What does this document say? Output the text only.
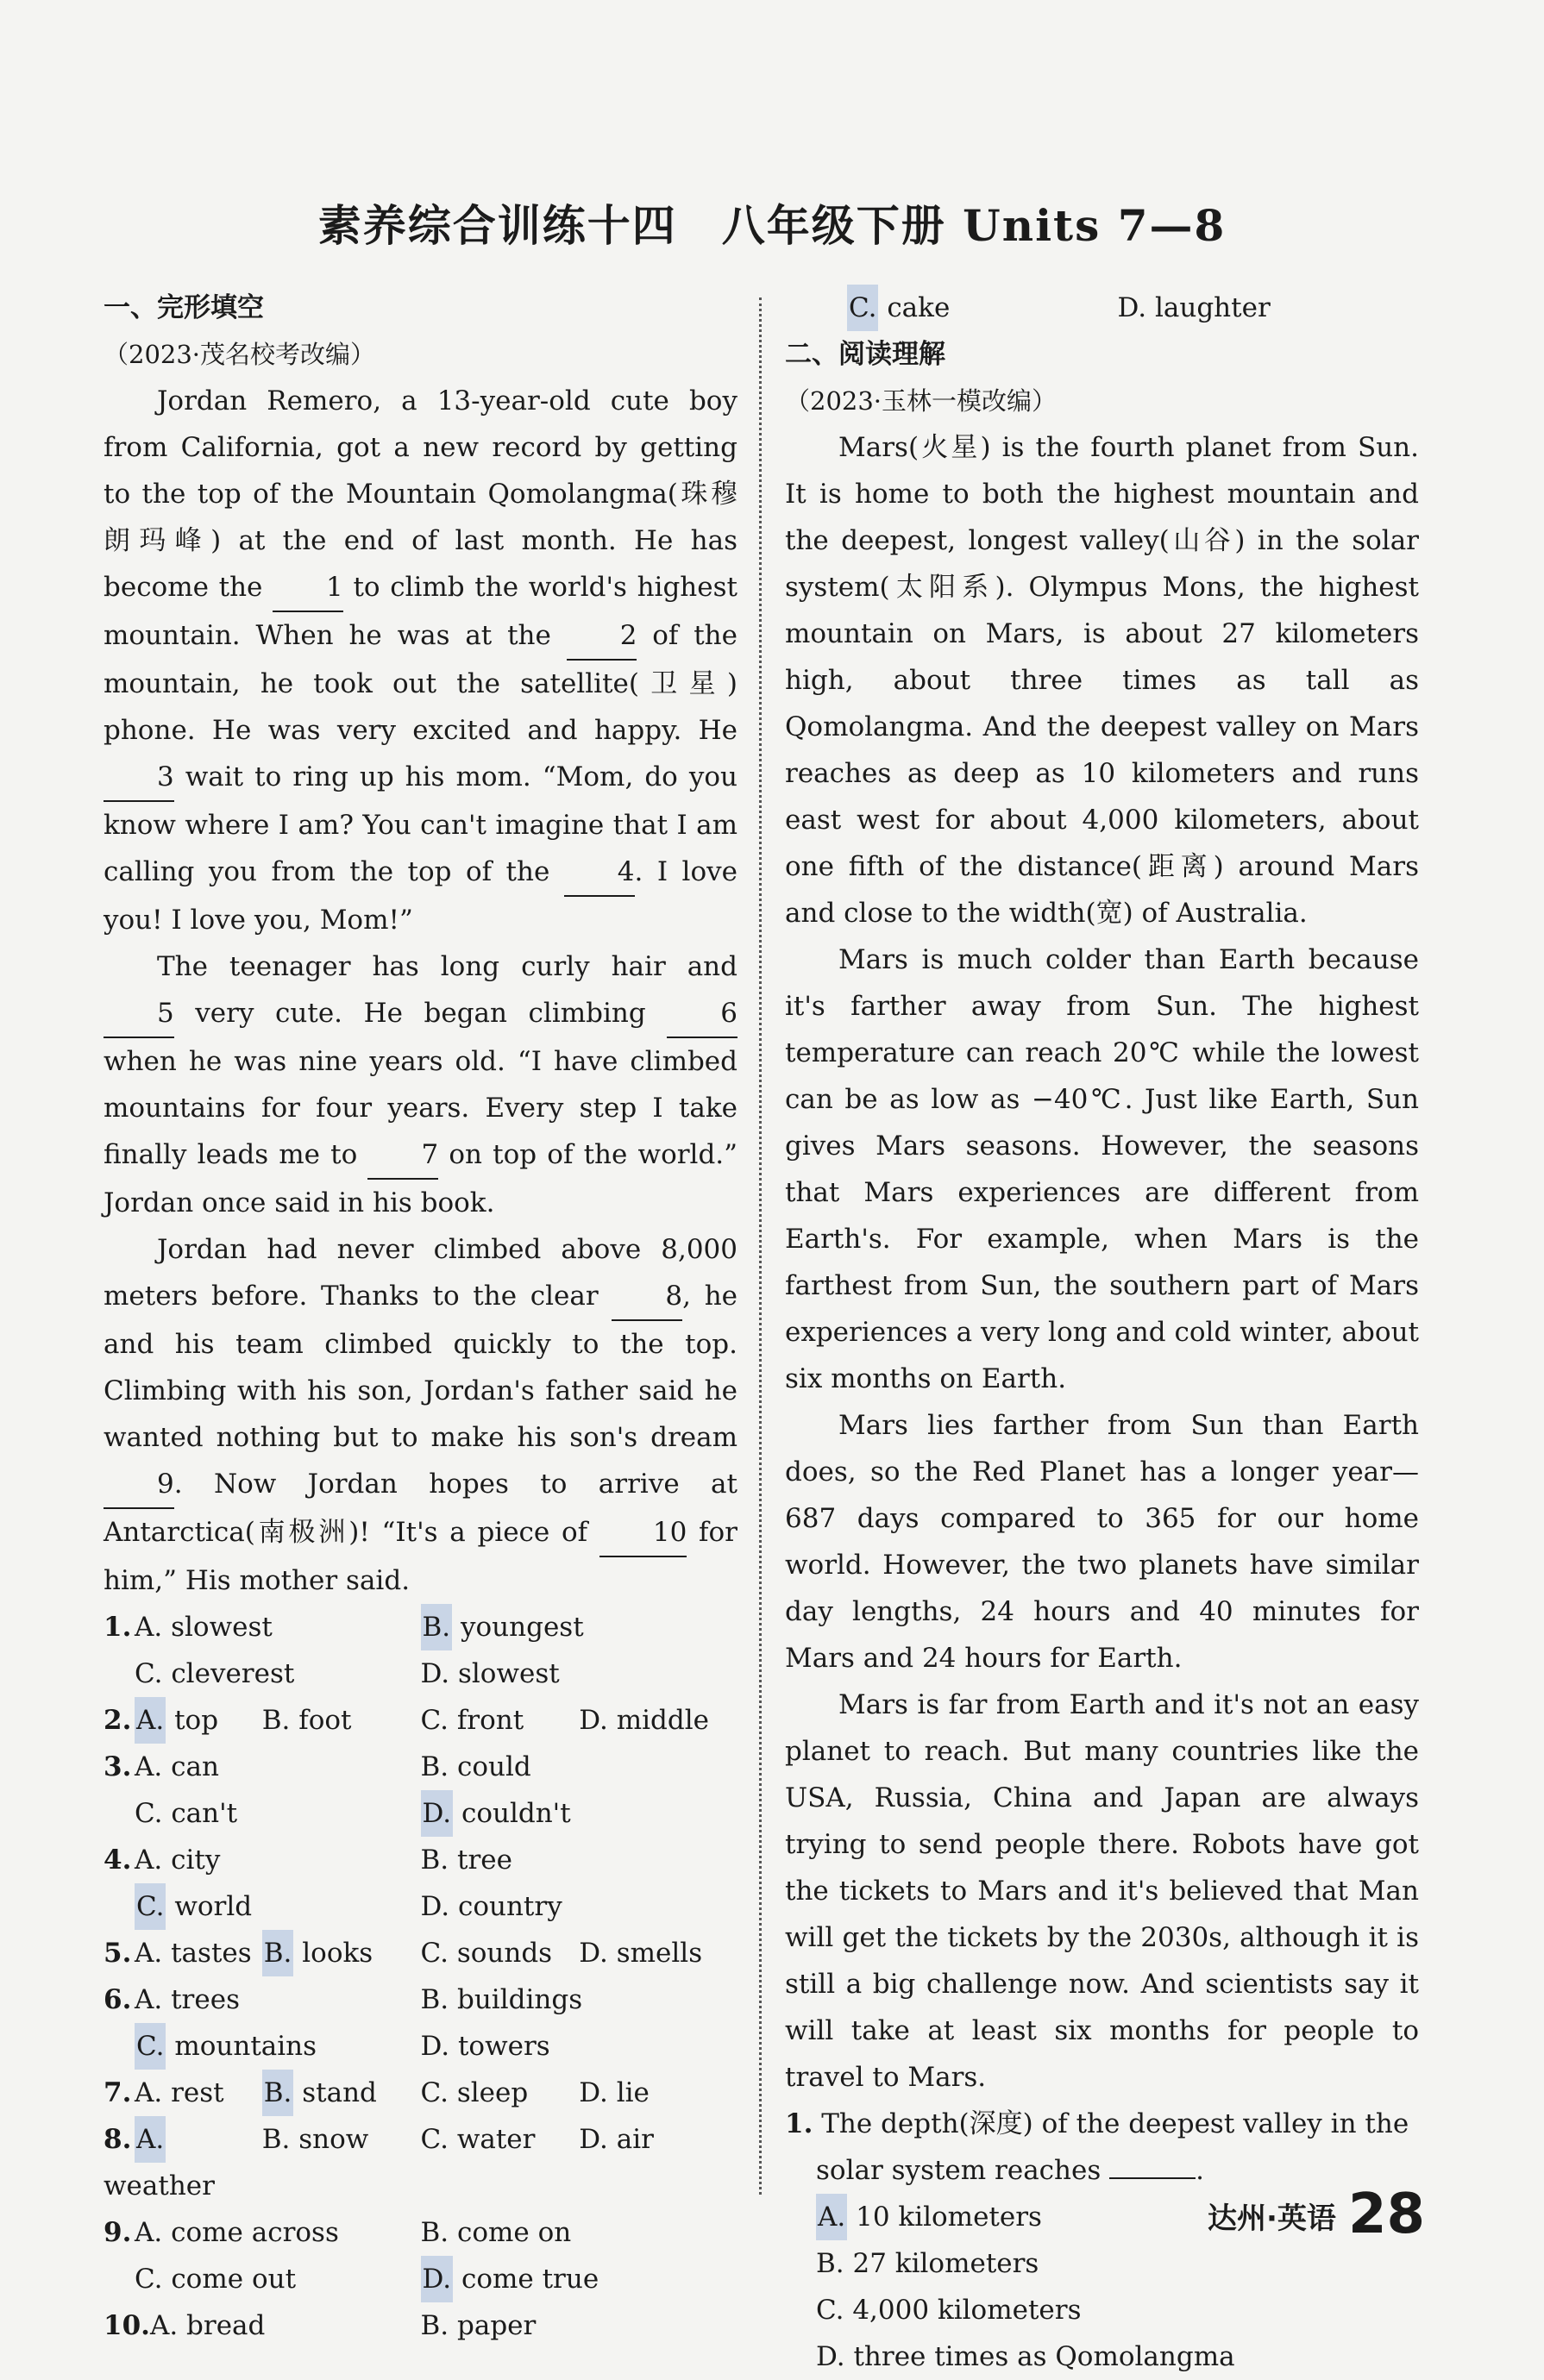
素养综合训练十四　八年级下册 Units 7—8
一、完形填空
（2023·茂名校考改编）

Jordan Remero, a 13-year-old cute boy from California, got a new record by getting to the top of the Mountain Qomolangma(珠穆朗玛峰) at the end of last month. He has become the 1 to climb the world's highest mountain. When he was at the	2 of the mountain, he took out the satellite(卫星) phone. He was very excited and happy. He 3 wait to ring up his mom. “Mom, do you know where I am? You can't imagine that I am calling you from the top of the	4. I love you! I love you, Mom!”

The teenager has long curly hair and 5 very cute. He began climbing	6 when he was nine years old. “I have climbed mountains for four years. Every step I take finally leads me to 7 on top of the world.” Jordan once said in his book.

Jordan had never climbed above 8,000 meters before. Thanks to the clear	8, he and his team climbed quickly to the top. Climbing with his son, Jordan's father said he wanted nothing but to make his son's dream 9. Now Jordan hopes to arrive at Antarctica(南极洲)! “It's a piece of 10 for him,” His mother said.

1. A. slowest	B. youngest
C. cleverest	D. slowest
2. A. top	B. foot	C. front	D. middle
3. A. can	B. could
C. can't	D. couldn't
4. A. city	B. tree
C. world	D. country
5. A. tastes B. looks	C. sounds	D. smells
6. A. trees	B. buildings
C. mountains	D. towers
7. A. rest	B. stand	C. sleep	D. lie
8. A. weather
B. snow	C. water	D. air
9. A. come across	B. come on
C. come out	D. come true
10.A. bread	B. paper
C. cake	D. laughter
二、阅读理解
（2023·玉林一模改编）

Mars(火星) is the fourth planet from Sun. It is home to both the highest mountain and the deepest, longest valley(山谷) in the solar system(太阳系). Olympus Mons, the highest mountain on Mars, is about 27 kilometers high, about three times as tall as Qomolangma. And the deepest valley on Mars reaches as deep as 10 kilometers and runs east west for about 4,000 kilometers, about one fifth of the distance(距离) around Mars and close to the width(宽) of Australia.

Mars is much colder than Earth because it's farther away from Sun. The highest temperature can reach 20℃ while the lowest can be as low as −40℃. Just like Earth, Sun gives Mars seasons. However, the seasons that Mars experiences are different from Earth's. For example, when Mars is the farthest from Sun, the southern part of Mars experiences a very long and cold winter, about six months on Earth.

Mars lies farther from Sun than Earth does, so the Red Planet has a longer year—687 days compared to 365 for our home world. However, the two planets have similar day lengths, 24 hours and 40 minutes for Mars and 24 hours for Earth.

Mars is far from Earth and it's not an easy planet to reach. But many countries like the USA, Russia, China and Japan are always trying to send people there. Robots have got the tickets to Mars and it's believed that Man will get the tickets by the 2030s, although it is still a big challenge now. And scientists say it will take at least six months for people to travel to Mars.

1. The depth(深度) of the deepest valley in the solar system reaches	.
A. 10 kilometers
B. 27 kilometers
C. 4,000 kilometers
D. three times as Qomolangma
达州·英语 28
